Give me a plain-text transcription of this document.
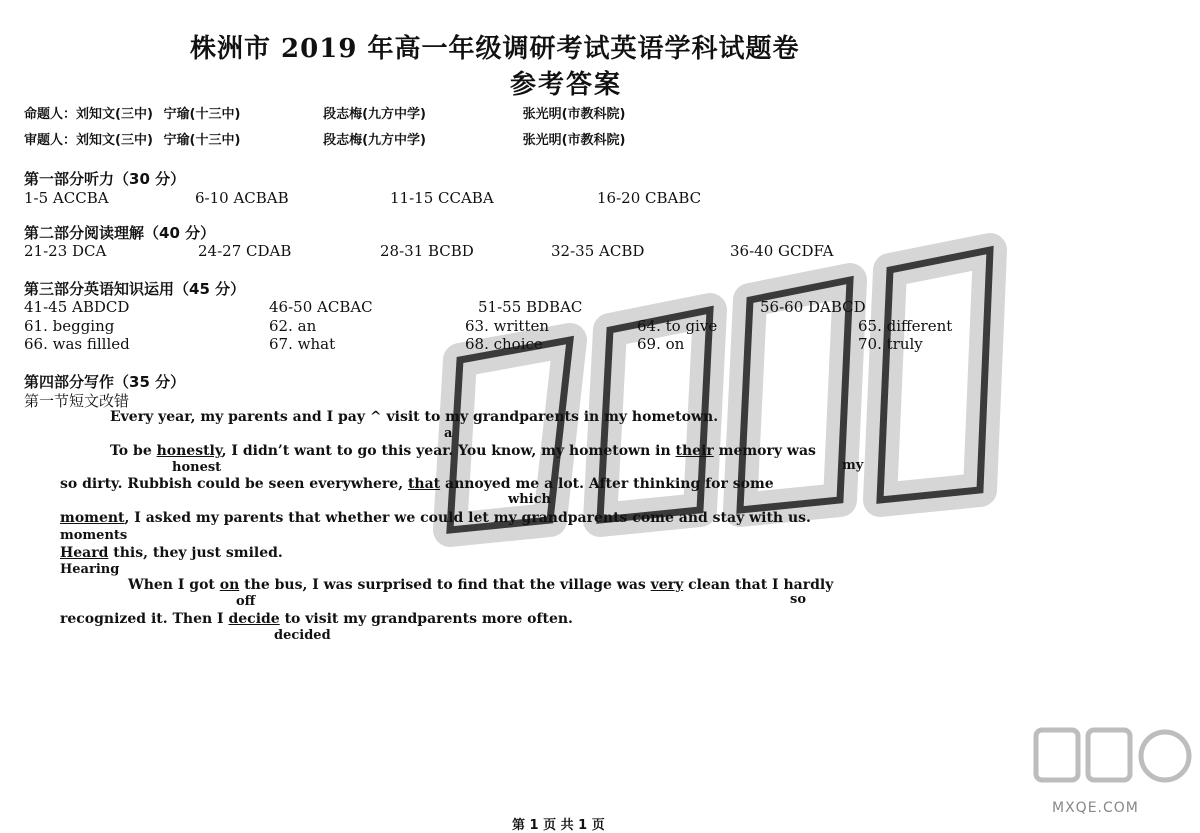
MXQE.COM
株洲市 2019 年高一年级调研考试英语学科试题卷
参考答案
命题人：刘知文(三中) 宁瑜(十三中)	段志梅(九方中学)	张光明(市教科院)
审题人：刘知文(三中) 宁瑜(十三中)	段志梅(九方中学)	张光明(市教科院)
第一部分听力（30 分）
1-5 ACCBA	6-10 ACBAB	11-15 CCABA	16-20 CBABC
第二部分阅读理解（40 分）
21-23 DCA	24-27 CDAB	28-31 BCBD	32-35 ACBD	36-40 GCDFA
第三部分英语知识运用（45 分）
41-45 ABDCD	46-50 ACBAC	51-55 BDBAC	56-60 DABCD
61. begging	62. an	63. written	64. to give	65. different
66. was fillled	67. what	68. choice	69. on	70. truly
第四部分写作（35 分）
第一节短文改错
Every year, my parents and I pay ^ visit to my grandparents in my hometown.
a
To be honestly, I didn’t want to go this year. You know, my hometown in their memory was
honest	my
so dirty. Rubbish could be seen everywhere, that annoyed me a lot. After thinking for some
which
moment, I asked my parents that whether we could let my grandparents come and stay with us.
moments
Heard this, they just smiled.
Hearing
When I got on the bus, I was surprised to find that the village was very clean that I hardly
off	so
recognized it. Then I decide to visit my grandparents more often.
decided
第 1 页 共 1 页
